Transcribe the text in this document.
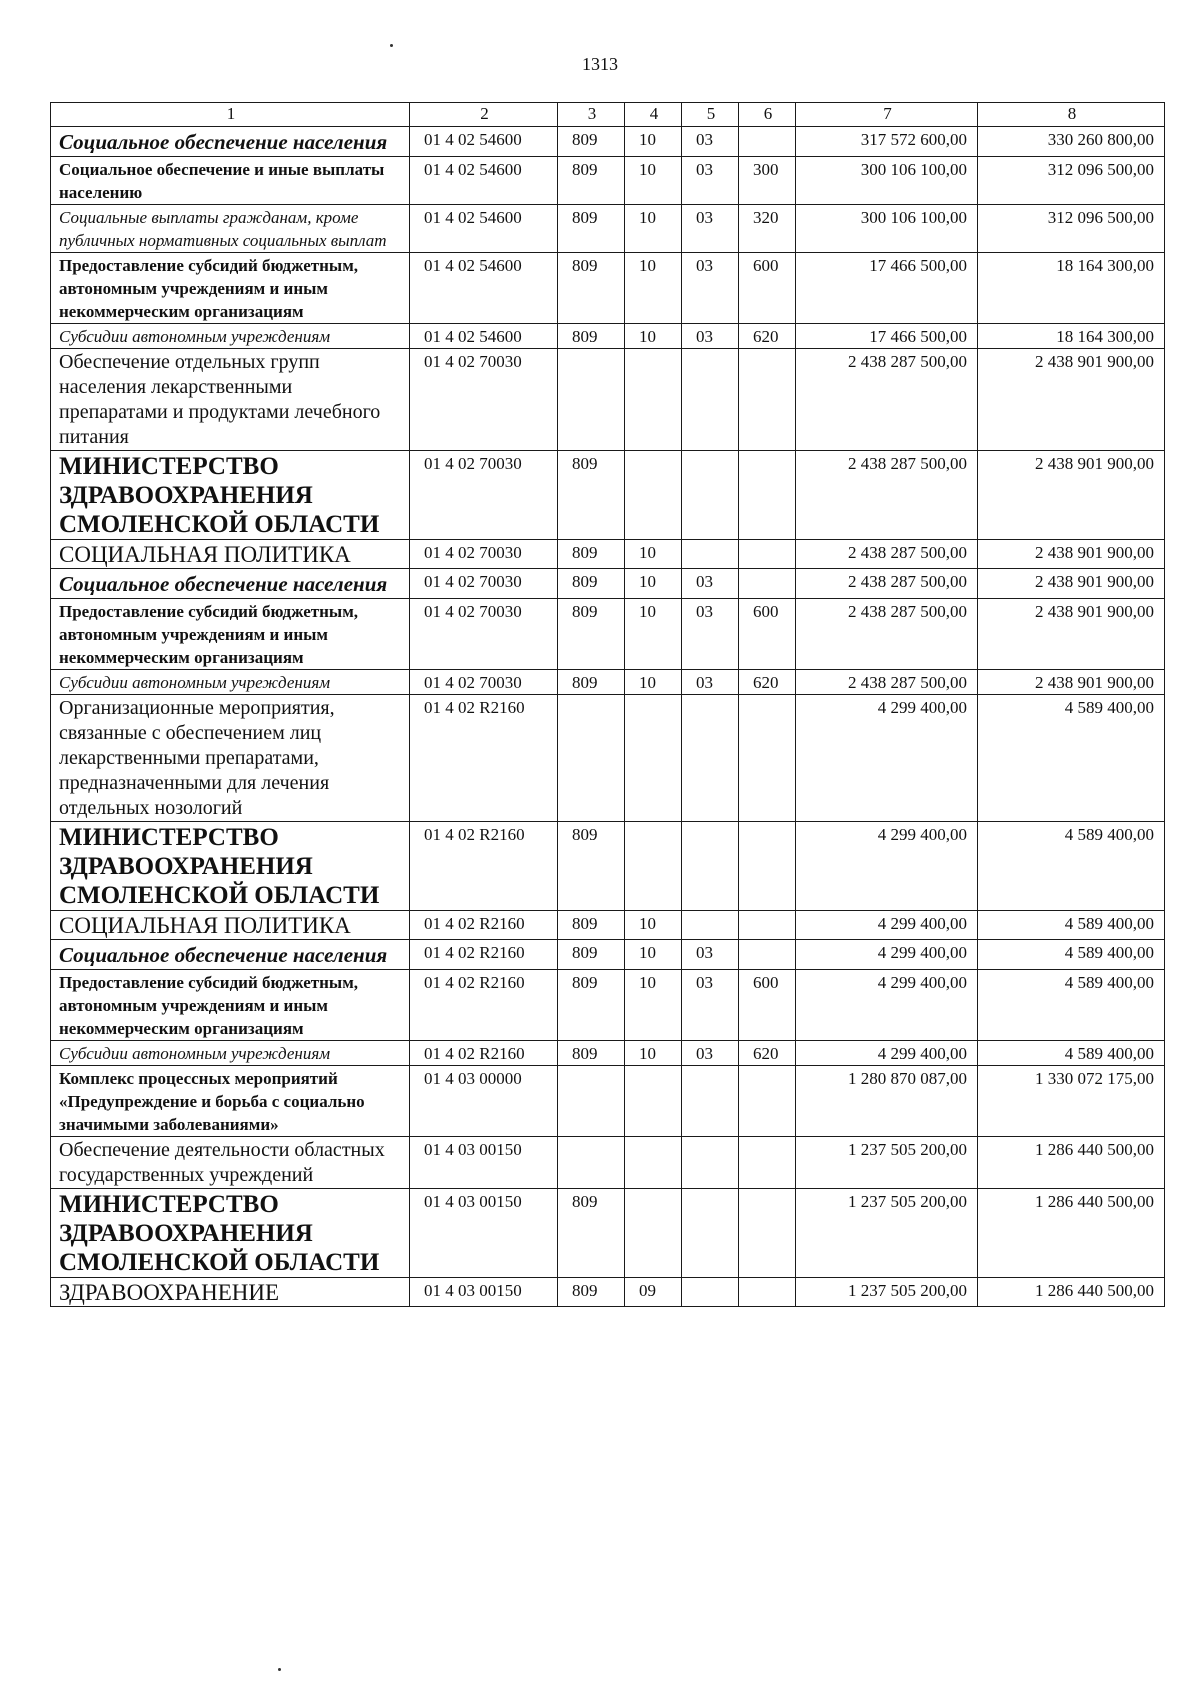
1313
1	2	3	4	5	6	7	8
Социальное обеспечение населения	01 4 02 54600	809	10	03		317 572 600,00	330 260 800,00
Социальное обеспечение и иные выплаты населению	01 4 02 54600	809	10	03	300	300 106 100,00	312 096 500,00
Социальные выплаты гражданам, кроме публичных нормативных социальных выплат	01 4 02 54600	809	10	03	320	300 106 100,00	312 096 500,00
Предоставление субсидий бюджетным, автономным учреждениям и иным некоммерческим организациям	01 4 02 54600	809	10	03	600	17 466 500,00	18 164 300,00
Субсидии автономным учреждениям	01 4 02 54600	809	10	03	620	17 466 500,00	18 164 300,00
Обеспечение отдельных групп населения лекарственными препаратами и продуктами лечебного питания	01 4 02 70030					2 438 287 500,00	2 438 901 900,00
МИНИСТЕРСТВО ЗДРАВООХРАНЕНИЯ СМОЛЕНСКОЙ ОБЛАСТИ	01 4 02 70030	809				2 438 287 500,00	2 438 901 900,00
СОЦИАЛЬНАЯ ПОЛИТИКА	01 4 02 70030	809	10			2 438 287 500,00	2 438 901 900,00
Социальное обеспечение населения	01 4 02 70030	809	10	03		2 438 287 500,00	2 438 901 900,00
Предоставление субсидий бюджетным, автономным учреждениям и иным некоммерческим организациям	01 4 02 70030	809	10	03	600	2 438 287 500,00	2 438 901 900,00
Субсидии автономным учреждениям	01 4 02 70030	809	10	03	620	2 438 287 500,00	2 438 901 900,00
Организационные мероприятия, связанные с обеспечением лиц лекарственными препаратами, предназначенными для лечения отдельных нозологий	01 4 02 R2160					4 299 400,00	4 589 400,00
МИНИСТЕРСТВО ЗДРАВООХРАНЕНИЯ СМОЛЕНСКОЙ ОБЛАСТИ	01 4 02 R2160	809				4 299 400,00	4 589 400,00
СОЦИАЛЬНАЯ ПОЛИТИКА	01 4 02 R2160	809	10			4 299 400,00	4 589 400,00
Социальное обеспечение населения	01 4 02 R2160	809	10	03		4 299 400,00	4 589 400,00
Предоставление субсидий бюджетным, автономным учреждениям и иным некоммерческим организациям	01 4 02 R2160	809	10	03	600	4 299 400,00	4 589 400,00
Субсидии автономным учреждениям	01 4 02 R2160	809	10	03	620	4 299 400,00	4 589 400,00
Комплекс процессных мероприятий «Предупреждение и борьба с социально значимыми заболеваниями»	01 4 03 00000					1 280 870 087,00	1 330 072 175,00
Обеспечение деятельности областных государственных учреждений	01 4 03 00150					1 237 505 200,00	1 286 440 500,00
МИНИСТЕРСТВО ЗДРАВООХРАНЕНИЯ СМОЛЕНСКОЙ ОБЛАСТИ	01 4 03 00150	809				1 237 505 200,00	1 286 440 500,00
ЗДРАВООХРАНЕНИЕ	01 4 03 00150	809	09			1 237 505 200,00	1 286 440 500,00
